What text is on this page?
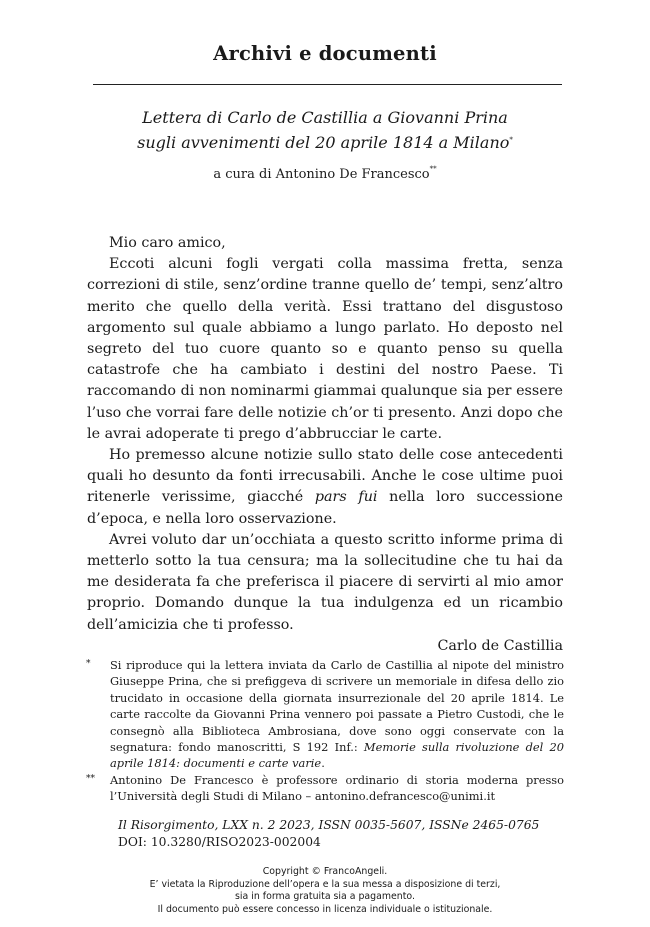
Archivi e documenti
Lettera di Carlo de Castillia a Giovanni Prina
sugli avvenimenti del 20 aprile 1814 a Milano*
a cura di Antonino De Francesco**

Mio caro amico,

Eccoti alcuni fogli vergati colla massima fretta, senza correzioni di stile, senz’ordine tranne quello de’ tempi, senz’altro merito che quello della verità. Essi trattano del disgustoso argomento sul quale abbiamo a lungo parlato. Ho deposto nel segreto del tuo cuore quanto so e quanto penso su quella catastrofe che ha cambiato i destini del nostro Paese. Ti raccomando di non nominarmi giammai qualunque sia per essere l’uso che vorrai fare delle notizie ch’or ti presento. Anzi dopo che le avrai adoperate ti prego d’abbrucciar le carte.

Ho premesso alcune notizie sullo stato delle cose antecedenti quali ho desunto da fonti irrecusabili. Anche le cose ultime puoi ritenerle verissime, giacché pars fui nella loro successione d’epoca, e nella loro osservazione.

Avrei voluto dar un’occhiata a questo scritto informe prima di metterlo sotto la tua censura; ma la sollecitudine che tu hai da me desiderata fa che preferisca il piacere di servirti al mio amor proprio. Domando dunque la tua indulgenza ed un ricambio dell’amicizia che ti professo.

Carlo de Castillia

* Si riproduce qui la lettera inviata da Carlo de Castillia al nipote del ministro Giuseppe Prina, che si prefiggeva di scrivere un memoriale in difesa dello zio trucidato in occasione della giornata insurrezionale del 20 aprile 1814. Le carte raccolte da Giovanni Prina vennero poi passate a Pietro Custodi, che le consegnò alla Biblioteca Ambrosiana, dove sono oggi conservate con la segnatura: fondo manoscritti, S 192 Inf.: Memorie sulla rivoluzione del 20 aprile 1814: documenti e carte varie.

** Antonino De Francesco è professore ordinario di storia moderna presso l’Università degli Studi di Milano – antonino.defrancesco@unimi.it

Il Risorgimento, LXX n. 2 2023, ISSN 0035-5607, ISSNe 2465-0765
DOI: 10.3280/RISO2023-002004
Copyright © FrancoAngeli.
E’ vietata la Riproduzione dell’opera e la sua messa a disposizione di terzi,
sia in forma gratuita sia a pagamento.
Il documento può essere concesso in licenza individuale o istituzionale.
